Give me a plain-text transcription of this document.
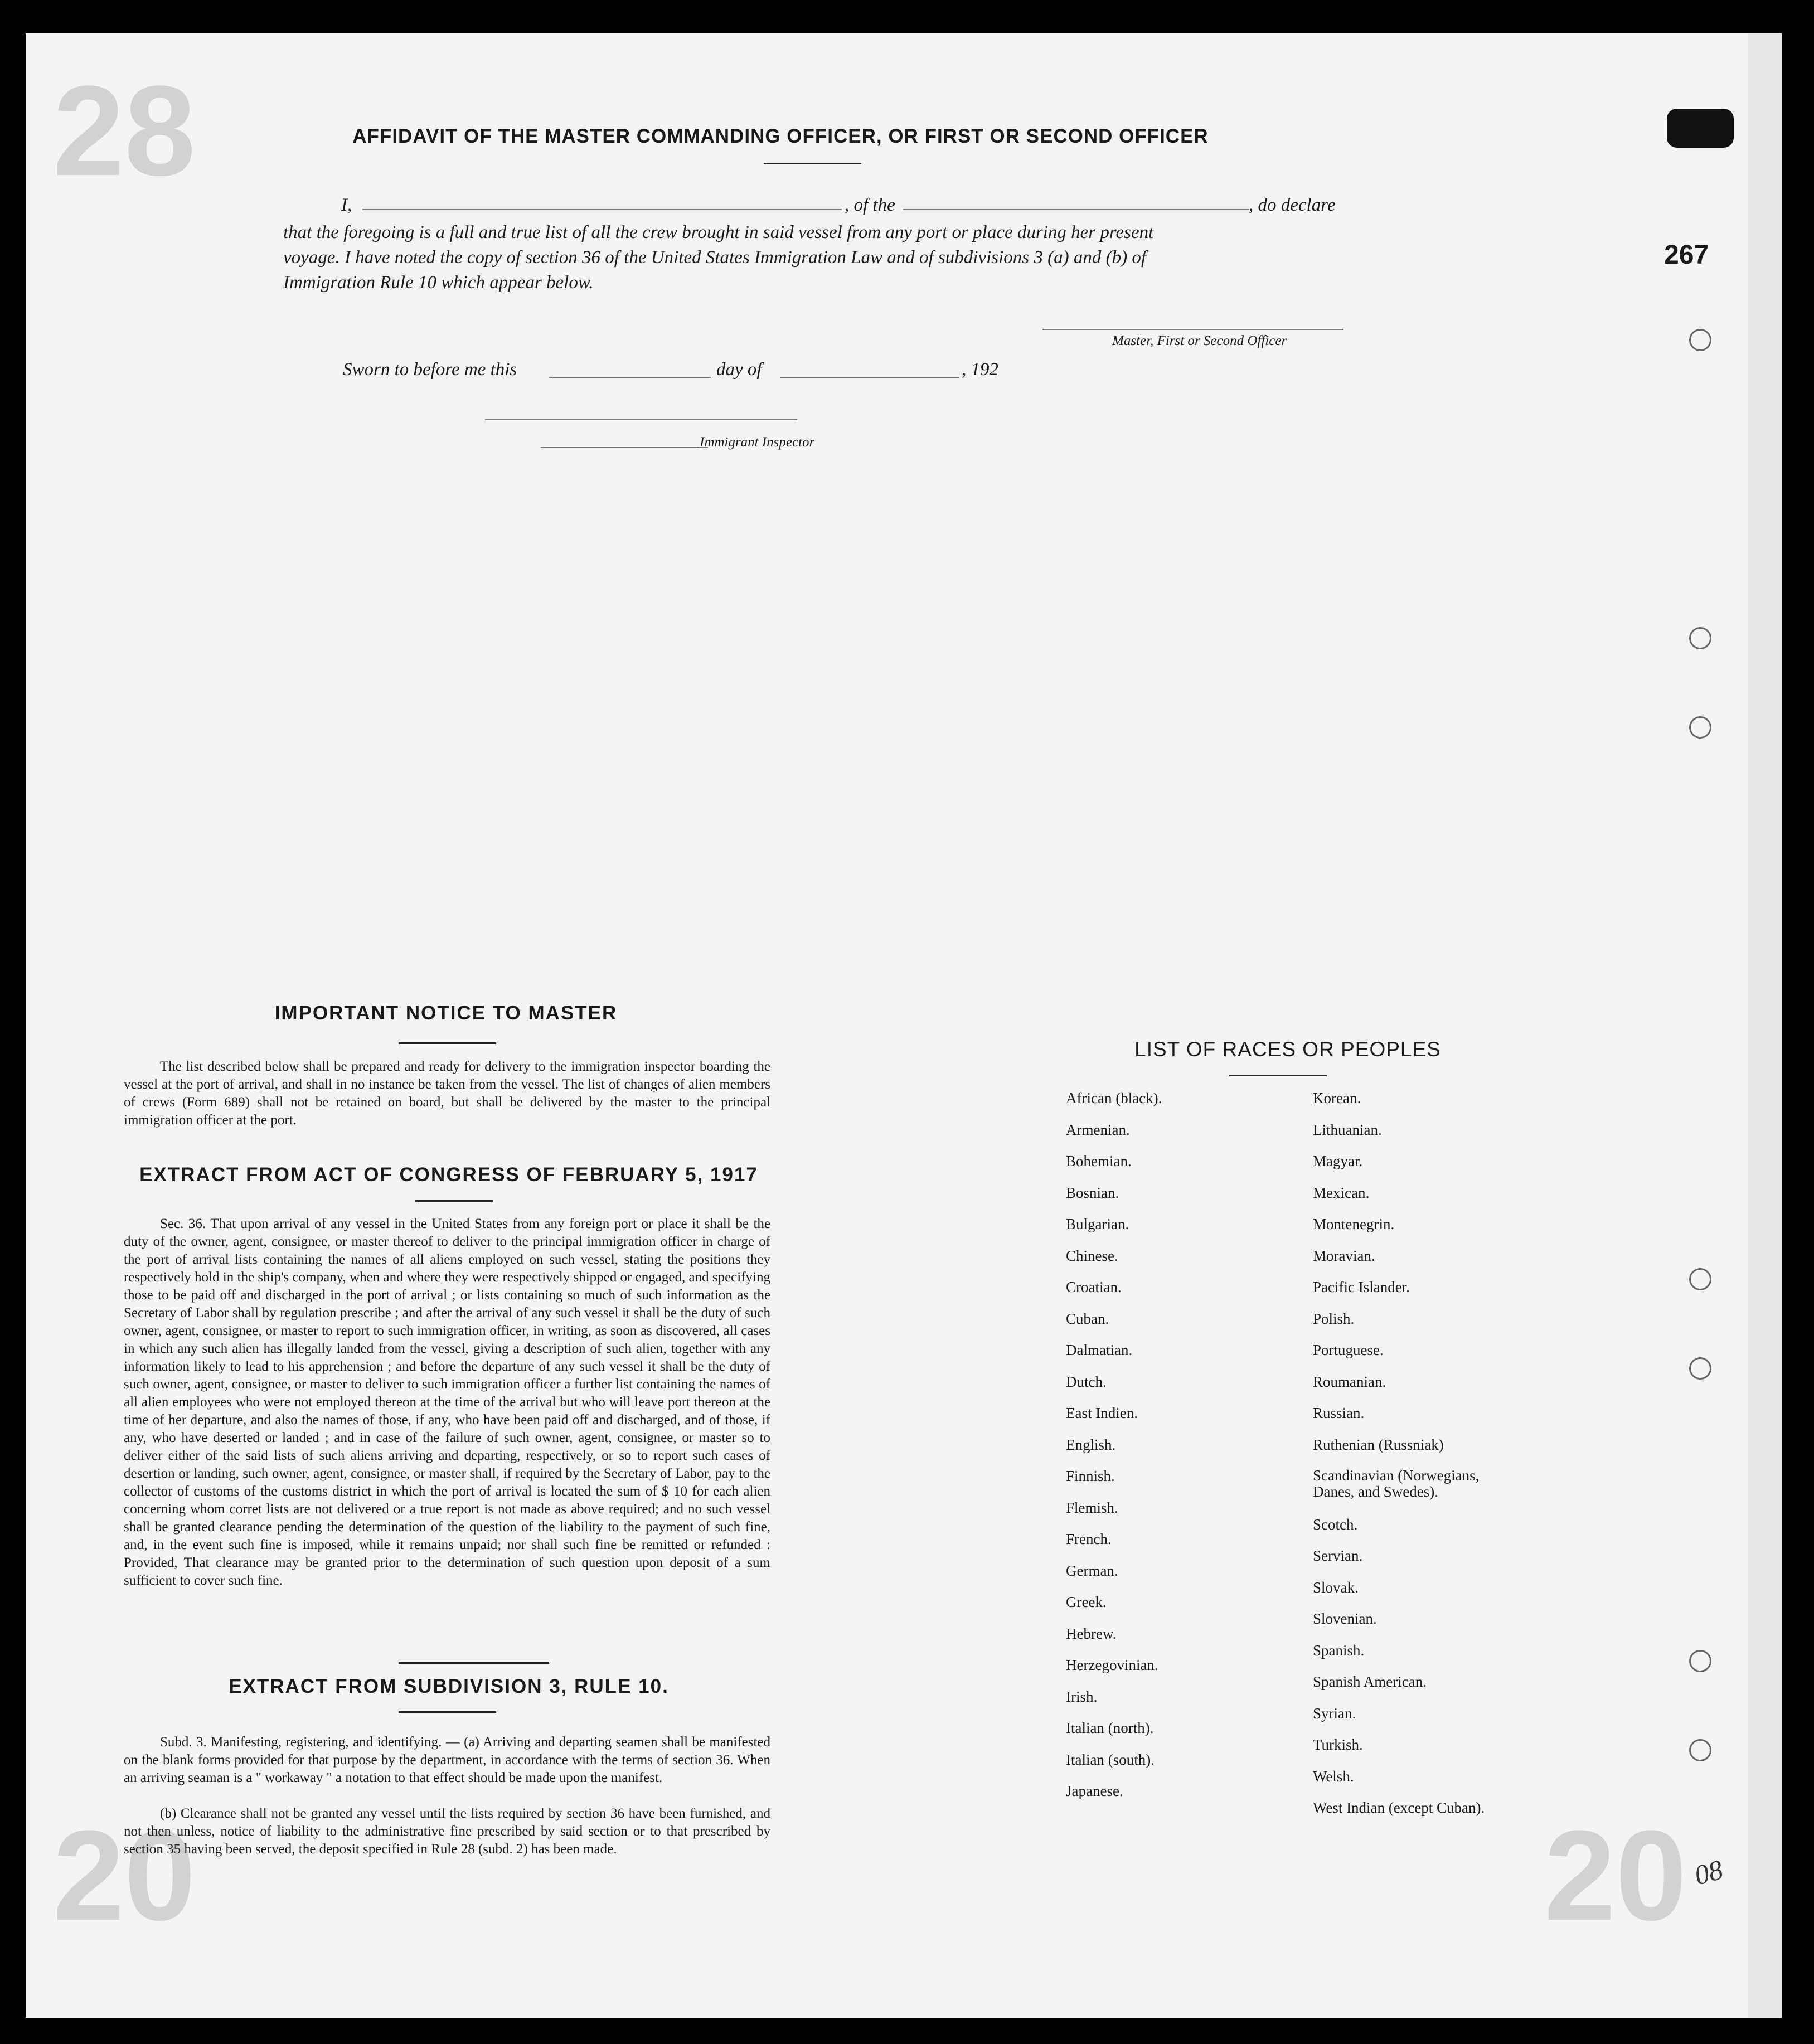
28
20	20
267
08
AFFIDAVIT OF THE MASTER COMMANDING OFFICER, OR FIRST OR SECOND OFFICER
I,	, of the	, do declare
that the foregoing is a full and true list of all the crew brought in said vessel from any port or place during her present
voyage. I have noted the copy of section 36 of the United States Immigration Law and of subdivisions 3 (a) and (b) of
Immigration Rule 10 which appear below.
Master, First or Second Officer
Sworn to before me this	day of	, 192
Immigrant Inspector
IMPORTANT NOTICE TO MASTER
The list described below shall be prepared and ready for delivery to the immigration inspector boarding the vessel at the port of arrival, and shall in no instance be taken from the vessel. The list of changes of alien members of crews (Form 689) shall not be retained on board, but shall be delivered by the master to the principal immigration officer at the port.
EXTRACT FROM ACT OF CONGRESS OF FEBRUARY 5, 1917
Sec. 36. That upon arrival of any vessel in the United States from any foreign port or place it shall be the duty of the owner, agent, consignee, or master thereof to deliver to the principal immigration officer in charge of the port of arrival lists containing the names of all aliens employed on such vessel, stating the positions they respectively hold in the ship's company, when and where they were respectively shipped or engaged, and specifying those to be paid off and discharged in the port of arrival ; or lists containing so much of such information as the Secretary of Labor shall by regulation prescribe ; and after the arrival of any such vessel it shall be the duty of such owner, agent, consignee, or master to report to such immigration officer, in writing, as soon as discovered, all cases in which any such alien has illegally landed from the vessel, giving a description of such alien, together with any information likely to lead to his apprehension ; and before the departure of any such vessel it shall be the duty of such owner, agent, consignee, or master to deliver to such immigration officer a further list containing the names of all alien employees who were not employed thereon at the time of the arrival but who will leave port thereon at the time of her departure, and also the names of those, if any, who have been paid off and discharged, and of those, if any, who have deserted or landed ; and in case of the failure of such owner, agent, consignee, or master so to deliver either of the said lists of such aliens arriving and departing, respectively, or so to report such cases of desertion or landing, such owner, agent, consignee, or master shall, if required by the Secretary of Labor, pay to the collector of customs of the customs district in which the port of arrival is located the sum of $ 10 for each alien concerning whom corret lists are not delivered or a true report is not made as above required; and no such vessel shall be granted clearance pending the determination of the question of the liability to the payment of such fine, and, in the event such fine is imposed, while it remains unpaid; nor shall such fine be remitted or refunded : Provided, That clearance may be granted prior to the determination of such question upon deposit of a sum sufficient to cover such fine.
EXTRACT FROM SUBDIVISION 3, RULE 10.
Subd. 3. Manifesting, registering, and identifying. — (a) Arriving and departing seamen shall be manifested on the blank forms provided for that purpose by the department, in accordance with the terms of section 36. When an arriving seaman is a " workaway " a notation to that effect should be made upon the manifest.
(b) Clearance shall not be granted any vessel until the lists required by section 36 have been furnished, and not then unless, notice of liability to the administrative fine prescribed by said section or to that prescribed by section 35 having been served, the deposit specified in Rule 28 (subd. 2) has been made.
LIST OF RACES OR PEOPLES
African (black).
Armenian.
Bohemian.
Bosnian.
Bulgarian.
Chinese.
Croatian.
Cuban.
Dalmatian.
Dutch.
East Indien.
English.
Finnish.
Flemish.
French.
German.
Greek.
Hebrew.
Herzegovinian.
Irish.
Italian (north).
Italian (south).
Japanese.
Korean.
Lithuanian.
Magyar.
Mexican.
Montenegrin.
Moravian.
Pacific Islander.
Polish.
Portuguese.
Roumanian.
Russian.
Ruthenian (Russniak)
Scandinavian (Norwegians, Danes, and Swedes).
Scotch.
Servian.
Slovak.
Slovenian.
Spanish.
Spanish American.
Syrian.
Turkish.
Welsh.
West Indian (except Cuban).
